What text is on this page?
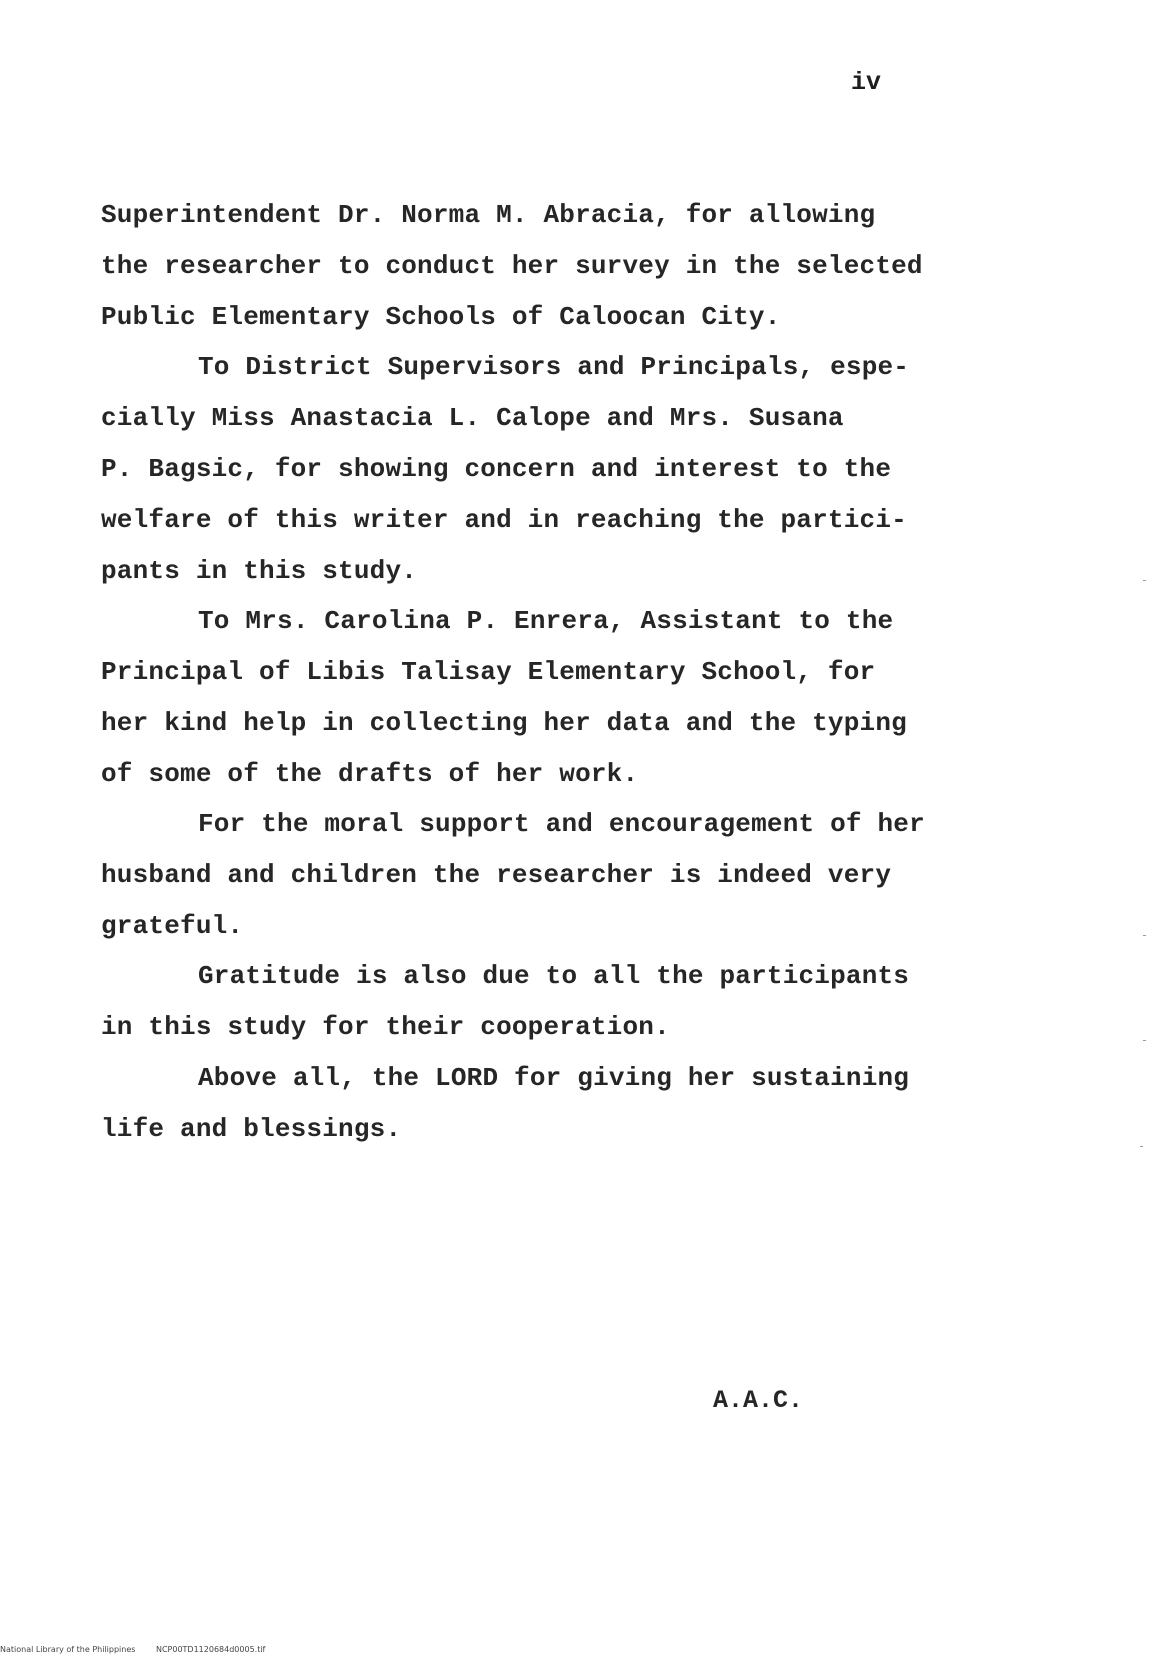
iv
Superintendent Dr. Norma M. Abracia, for allowing
the researcher to conduct her survey in the selected
Public Elementary Schools of Caloocan City.
To District Supervisors and Principals, espe-
cially Miss Anastacia L. Calope and Mrs. Susana
P. Bagsic, for showing concern and interest to the
welfare of this writer and in reaching the partici-
pants in this study.
To Mrs. Carolina P. Enrera, Assistant to the
Principal of Libis Talisay Elementary School, for
her kind help in collecting her data and the typing
of some of the drafts of her work.
For the moral support and encouragement of her
husband and children the researcher is indeed very
grateful.
Gratitude is also due to all the participants
in this study for their cooperation.
Above all, the LORD for giving her sustaining
life and blessings.
A.A.C.
National Library of the Philippines	NCP00TD1120684d0005.tif
